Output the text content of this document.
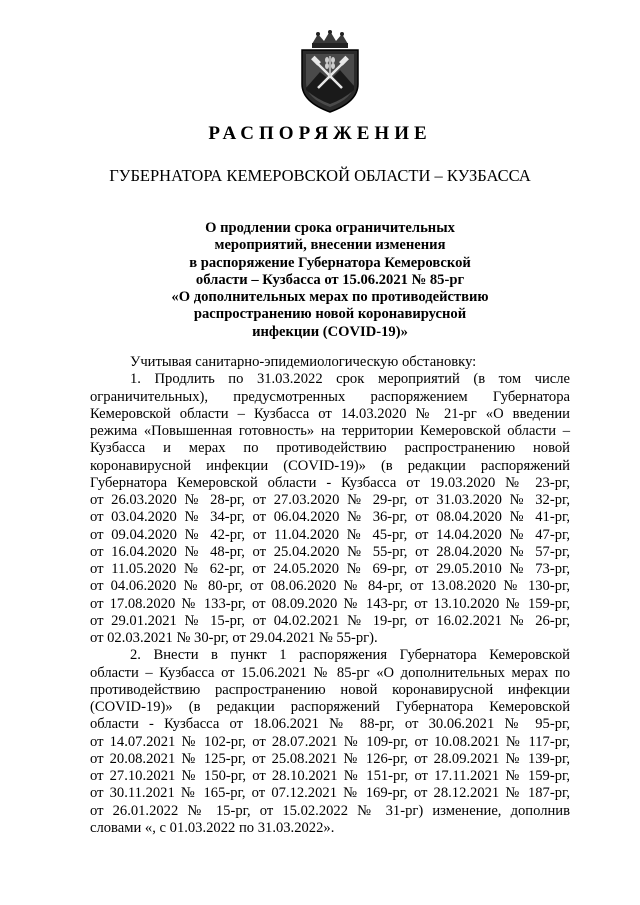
РАСПОРЯЖЕНИЕ
ГУБЕРНАТОРА КЕМЕРОВСКОЙ ОБЛАСТИ – КУЗБАССА
О продлении срока ограничительных
мероприятий, внесении изменения
в распоряжение Губернатора Кемеровской
области – Кузбасса от 15.06.2021 № 85-рг
«О дополнительных мерах по противодействию
распространению новой коронавирусной
инфекции (COVID-19)»
Учитывая санитарно-эпидемиологическую обстановку:
1. Продлить по 31.03.2022 срок мероприятий (в том числе
ограничительных), предусмотренных распоряжением Губернатора
Кемеровской области – Кузбасса от 14.03.2020 № 21-рг «О введении
режима «Повышенная готовность» на территории Кемеровской области –
Кузбасса и мерах по противодействию распространению новой
коронавирусной инфекции (COVID-19)» (в редакции распоряжений
Губернатора Кемеровской области - Кузбасса от 19.03.2020 № 23-рг,
от 26.03.2020 № 28-рг, от 27.03.2020 № 29-рг, от 31.03.2020 № 32-рг,
от 03.04.2020 № 34-рг, от 06.04.2020 № 36-рг, от 08.04.2020 № 41-рг,
от 09.04.2020 № 42-рг, от 11.04.2020 № 45-рг, от 14.04.2020 № 47-рг,
от 16.04.2020 № 48-рг, от 25.04.2020 № 55-рг, от 28.04.2020 № 57-рг,
от 11.05.2020 № 62-рг, от 24.05.2020 № 69-рг, от 29.05.2010 № 73-рг,
от 04.06.2020 № 80-рг, от 08.06.2020 № 84-рг, от 13.08.2020 № 130-рг,
от 17.08.2020 № 133-рг, от 08.09.2020 № 143-рг, от 13.10.2020 № 159-рг,
от 29.01.2021 № 15-рг, от 04.02.2021 № 19-рг, от 16.02.2021 № 26-рг,
от 02.03.2021 № 30-рг, от 29.04.2021 № 55-рг).
2. Внести в пункт 1 распоряжения Губернатора Кемеровской
области – Кузбасса от 15.06.2021 № 85-рг «О дополнительных мерах по
противодействию распространению новой коронавирусной инфекции
(COVID-19)» (в редакции распоряжений Губернатора Кемеровской
области - Кузбасса от 18.06.2021 № 88-рг, от 30.06.2021 № 95-рг,
от 14.07.2021 № 102-рг, от 28.07.2021 № 109-рг, от 10.08.2021 № 117-рг,
от 20.08.2021 № 125-рг, от 25.08.2021 № 126-рг, от 28.09.2021 № 139-рг,
от 27.10.2021 № 150-рг, от 28.10.2021 № 151-рг, от 17.11.2021 № 159-рг,
от 30.11.2021 № 165-рг, от 07.12.2021 № 169-рг, от 28.12.2021 № 187-рг,
от 26.01.2022 № 15-рг, от 15.02.2022 № 31-рг) изменение, дополнив
словами «, с 01.03.2022 по 31.03.2022».
